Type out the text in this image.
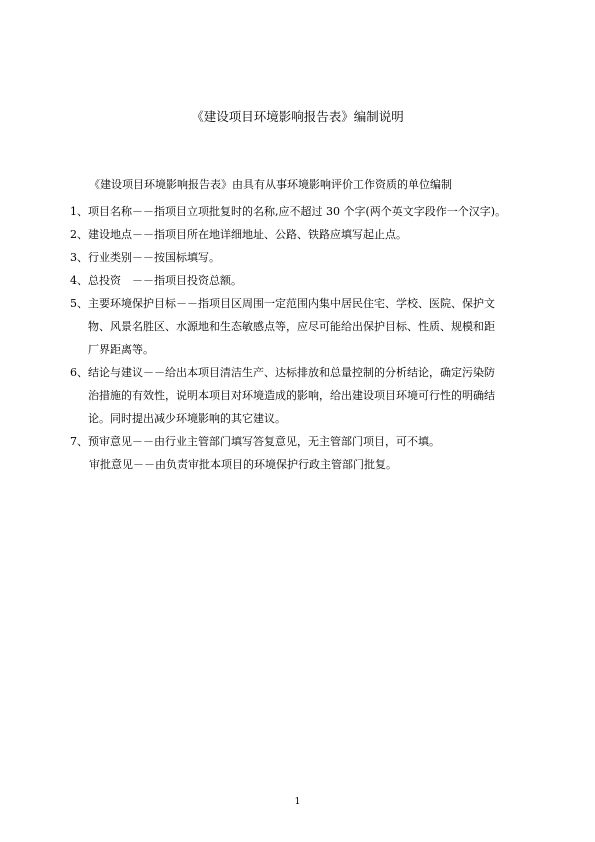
《建设项目环境影响报告表》编制说明
《建设项目环境影响报告表》由具有从事环境影响评价工作资质的单位编制
1、 项目名称－－指项目立项批复时的名称,应不超过 30 个字(两个英文字段作一个汉字)。
2、 建设地点－－指项目所在地详细地址、公路、铁路应填写起止点。
3、 行业类别－－按国标填写。
4、 总投资　－－指项目投资总额。
5、 主要环境保护目标－－指项目区周围一定范围内集中居民住宅、学校、医院、保护文
物、风景名胜区、水源地和生态敏感点等，应尽可能给出保护目标、性质、规模和距
厂界距离等。
6、 结论与建议－－给出本项目清洁生产、达标排放和总量控制的分析结论，确定污染防
治措施的有效性，说明本项目对环境造成的影响，给出建设项目环境可行性的明确结
论。同时提出减少环境影响的其它建议。
7、 预审意见－－由行业主管部门填写答复意见，无主管部门项目，可不填。
审批意见－－由负责审批本项目的环境保护行政主管部门批复。
1
